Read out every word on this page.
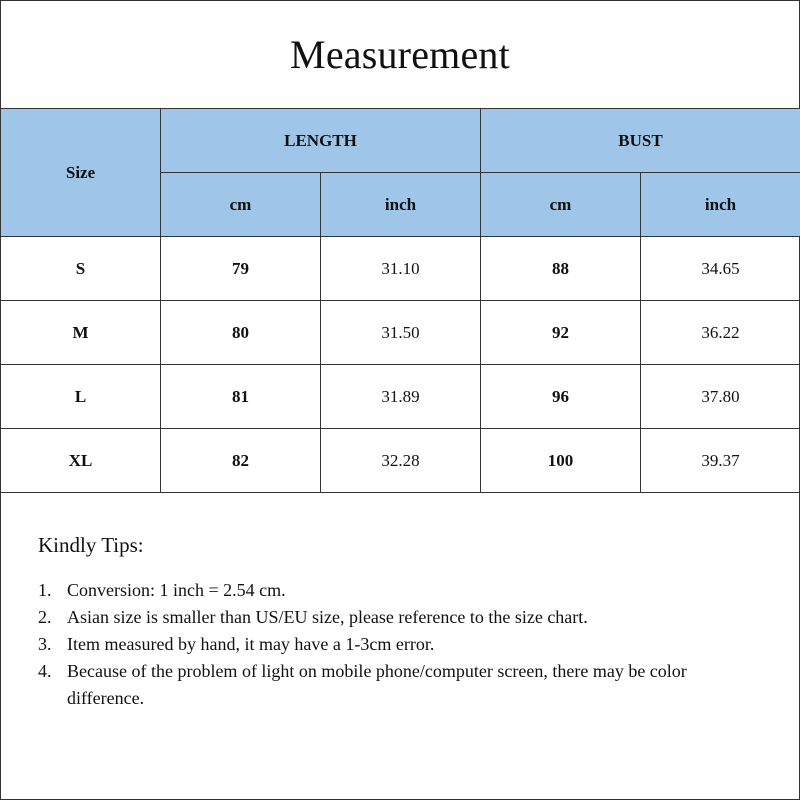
Measurement
Size	LENGTH		BUST	
	cm	inch	cm	inch
S	79	31.10	88	34.65
M	80	31.50	92	36.22
L	81	31.89	96	37.80
XL	82	32.28	100	39.37
Kindly Tips:
1. Conversion: 1 inch = 2.54 cm.
2. Asian size is smaller than US/EU size, please reference to the size chart.
3. Item measured by hand, it may have a 1-3cm error.
4. Because of the problem of light on mobile phone/computer screen, there may be color difference.
